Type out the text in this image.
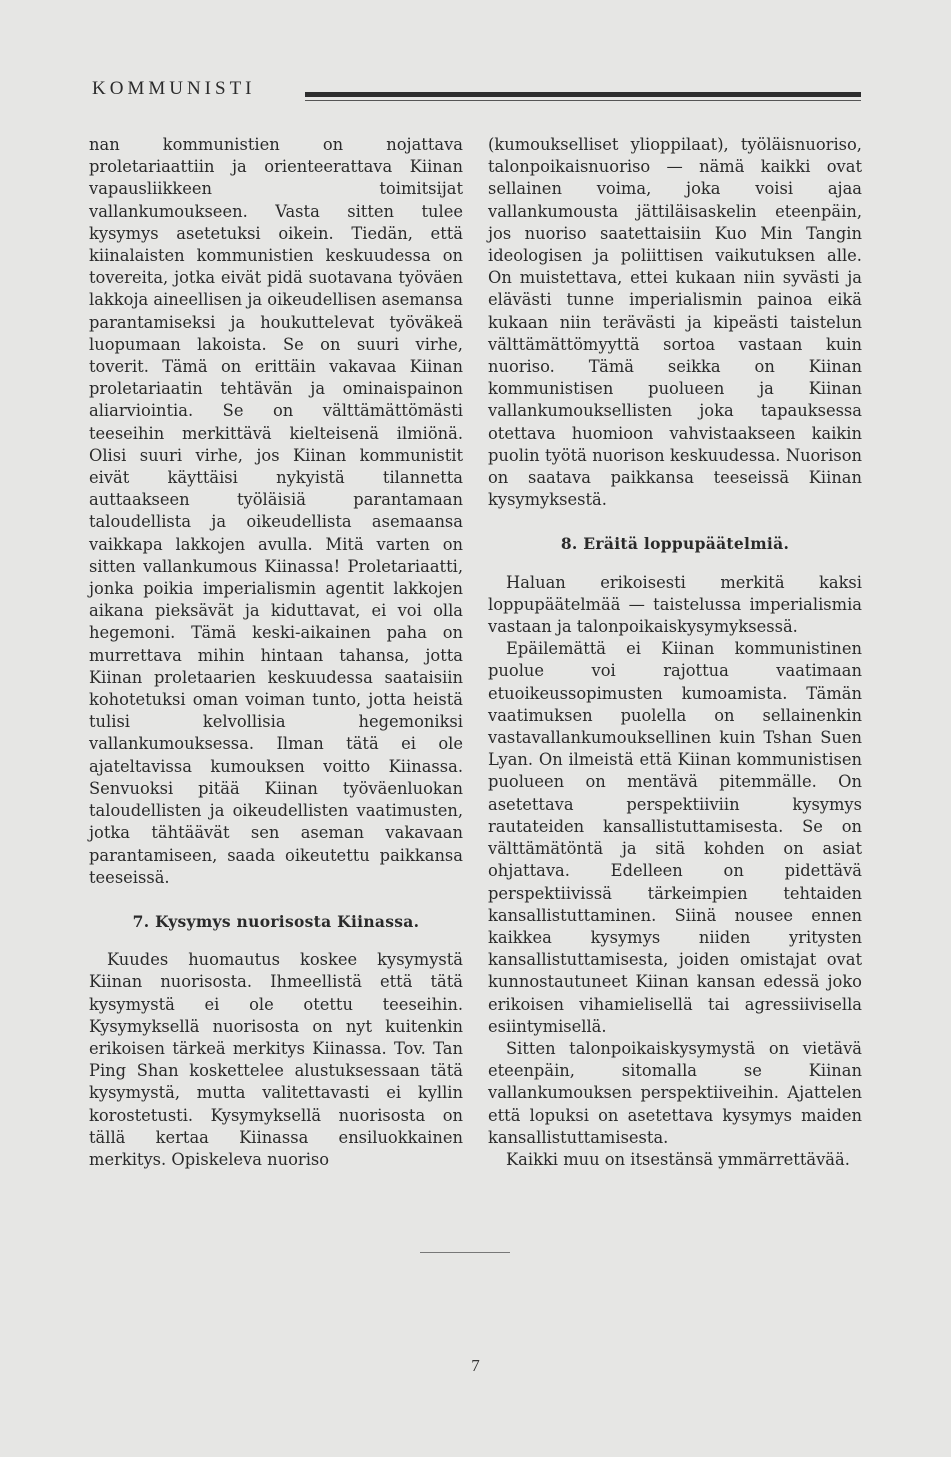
KOMMUNISTI

nan kommunistien on nojattava proletariaattiin ja orienteerattava Kiinan vapausliikkeen toimitsijat vallankumoukseen. Vasta sitten tulee kysymys asetetuksi oikein. Tiedän, että kiinalaisten kommunistien keskuudessa on tovereita, jotka eivät pidä suotavana työväen lakkoja aineellisen ja oikeudellisen asemansa parantamiseksi ja houkuttelevat työväkeä luopumaan lakoista. Se on suuri virhe, toverit. Tämä on erittäin vakavaa Kiinan proletariaatin tehtävän ja ominaispainon aliarviointia. Se on välttämättömästi teeseihin merkittävä kielteisenä ilmiönä. Olisi suuri virhe, jos Kiinan kommunistit eivät käyttäisi nykyistä tilannetta auttaakseen työläisiä parantamaan taloudellista ja oikeudellista asemaansa vaikkapa lakkojen avulla. Mitä varten on sitten vallankumous Kiinassa! Proletariaatti, jonka poikia imperialismin agentit lakkojen aikana pieksävät ja kiduttavat, ei voi olla hegemoni. Tämä keski-aikainen paha on murrettava mihin hintaan tahansa, jotta Kiinan proletaarien keskuudessa saataisiin kohotetuksi oman voiman tunto, jotta heistä tulisi kelvollisia hegemoniksi vallankumouksessa. Ilman tätä ei ole ajateltavissa kumouksen voitto Kiinassa. Senvuoksi pitää Kiinan työväenluokan taloudellisten ja oikeudellisten vaatimusten, jotka tähtäävät sen aseman vakavaan parantamiseen, saada oikeutettu paikkansa teeseissä.

7. Kysymys nuorisosta Kiinassa.

Kuudes huomautus koskee kysymystä Kiinan nuorisosta. Ihmeellistä että tätä kysymystä ei ole otettu teeseihin. Kysymyksellä nuorisosta on nyt kuitenkin erikoisen tärkeä merkitys Kiinassa. Tov. Tan Ping Shan koskettelee alustuksessaan tätä kysymystä, mutta valitettavasti ei kyllin korostetusti. Kysymyksellä nuorisosta on tällä kertaa Kiinassa ensiluokkainen merkitys. Opiskeleva nuoriso

(kumoukselliset ylioppilaat), työläisnuoriso, talonpoikaisnuoriso — nämä kaikki ovat sellainen voima, joka voisi ajaa vallankumousta jättiläisaskelin eteenpäin, jos nuoriso saatettaisiin Kuo Min Tangin ideologisen ja poliittisen vaikutuksen alle. On muistettava, ettei kukaan niin syvästi ja elävästi tunne imperialismin painoa eikä kukaan niin terävästi ja kipeästi taistelun välttämättömyyttä sortoa vastaan kuin nuoriso. Tämä seikka on Kiinan kommunistisen puolueen ja Kiinan vallankumouksellisten joka tapauksessa otettava huomioon vahvistaakseen kaikin puolin työtä nuorison keskuudessa. Nuorison on saatava paikkansa teeseissä Kiinan kysymyksestä.

8. Eräitä loppupäätelmiä.

Haluan erikoisesti merkitä kaksi loppupäätelmää — taistelussa imperialismia vastaan ja talonpoikaiskysymyksessä.

Epäilemättä ei Kiinan kommunistinen puolue voi rajottua vaatimaan etuoikeussopimusten kumoamista. Tämän vaatimuksen puolella on sellainenkin vastavallankumouksellinen kuin Tshan Suen Lyan. On ilmeistä että Kiinan kommunistisen puolueen on mentävä pitemmälle. On asetettava perspektiiviin kysymys rautateiden kansallistuttamisesta. Se on välttämätöntä ja sitä kohden on asiat ohjattava. Edelleen on pidettävä perspektiivissä tärkeimpien tehtaiden kansallistuttaminen. Siinä nousee ennen kaikkea kysymys niiden yritysten kansallistuttamisesta, joiden omistajat ovat kunnostautuneet Kiinan kansan edessä joko erikoisen vihamielisellä tai agressiivisella esiintymisellä.

Sitten talonpoikaiskysymystä on vietävä eteenpäin, sitomalla se Kiinan vallankumouksen perspektiiveihin. Ajattelen että lopuksi on asetettava kysymys maiden kansallistuttamisesta.

Kaikki muu on itsestänsä ymmärrettävää.

7
